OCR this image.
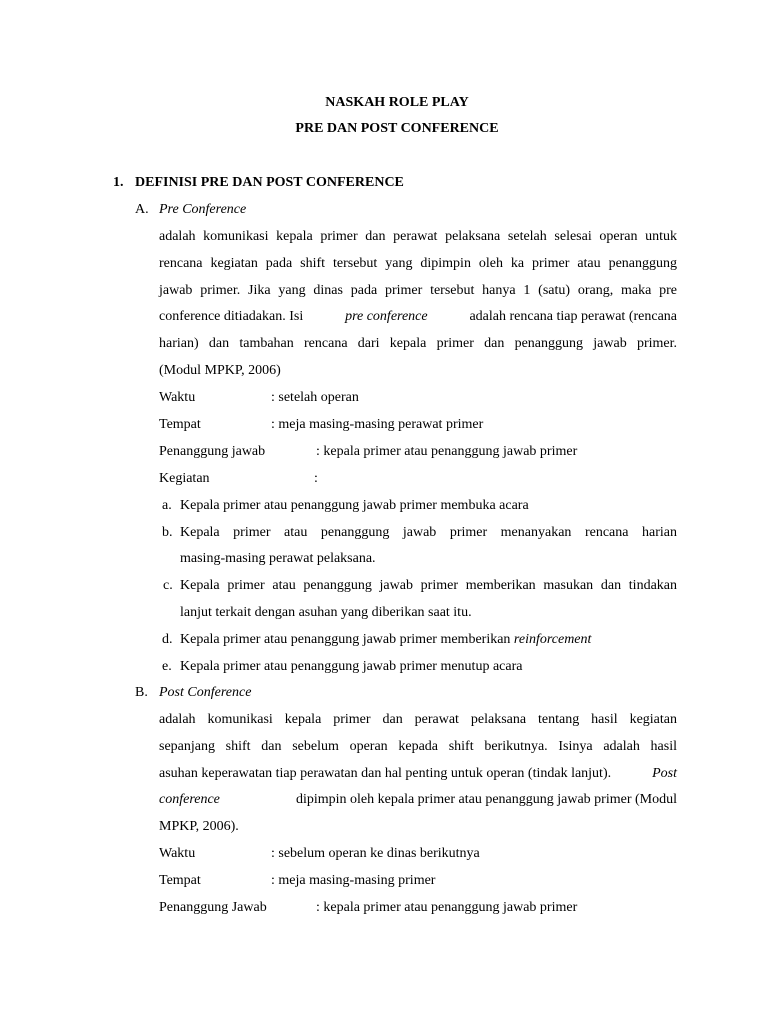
NASKAH ROLE PLAY
PRE DAN POST CONFERENCE
1. DEFINISI PRE DAN POST CONFERENCE
A. Pre Conference
adalah komunikasi kepala primer dan perawat pelaksana setelah selesai operan untuk
rencana kegiatan pada shift tersebut yang dipimpin oleh ka primer atau penanggung
jawab primer. Jika yang dinas pada primer tersebut hanya 1 (satu) orang, maka pre
conference ditiadakan. Isi	pre conference	adalah rencana tiap perawat (rencana
harian) dan tambahan rencana dari kepala primer dan penanggung jawab primer.
(Modul MPKP, 2006)
Waktu	: setelah operan
Tempat	: meja masing-masing perawat primer
Penanggung jawab	: kepala primer atau penanggung jawab primer
Kegiatan	:
a. Kepala primer atau penanggung jawab primer membuka acara
b. Kepala primer atau penanggung jawab primer menanyakan rencana harian
masing-masing perawat pelaksana.
c. Kepala primer atau penanggung jawab primer memberikan masukan dan tindakan
lanjut terkait dengan asuhan yang diberikan saat itu.
d. Kepala primer atau penanggung jawab primer memberikan reinforcement
e. Kepala primer atau penanggung jawab primer menutup acara
B. Post Conference
adalah komunikasi kepala primer dan perawat pelaksana tentang hasil kegiatan
sepanjang shift dan sebelum operan kepada shift berikutnya. Isinya adalah hasil
asuhan keperawatan tiap perawatan dan hal penting untuk operan (tindak lanjut).	Post
conference	dipimpin oleh kepala primer atau penanggung jawab primer (Modul
MPKP, 2006).
Waktu	: sebelum operan ke dinas berikutnya
Tempat	: meja masing-masing primer
Penanggung Jawab	: kepala primer atau penanggung jawab primer
